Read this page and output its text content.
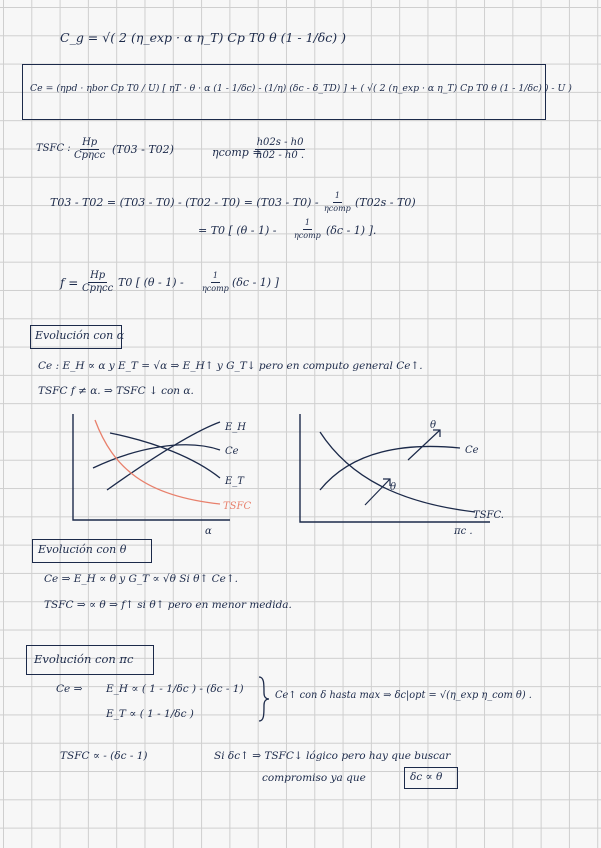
C_g = √( 2 (η_exp · α η_T) Cp T0 θ (1 - 1/δc) )
Ce = (ηpd · ηbor Cp T0 / U) [ ηT · θ · α (1 - 1/δc) - (1/η) (δc - δ_TD) ] + ( √( 2 (η_exp · α η_T) Cp T0 θ (1 - 1/δc) ) - U )
TSFC :
Hp
Cpηcc (T03 - T02)	ηcomp =
$\frac{h02s - h0}{h02 - h0 .}$
T03 - T02 = (T03 - T0) - (T02 - T0) = (T03 - T0) -
1
ηcomp (T02s - T0)
= T0 [ (θ - 1) -
1
ηcomp (δc - 1) ].
f =
Hp
Cpηcc T0 [ (θ - 1) -
1
ηcomp (δc - 1) ]
Evolución con α
Ce : E_H ∝ α y E_T = √α ⇒ E_H↑ y G_T↓ pero en computo general Ce↑.
TSFC f ≠ α. ⇒ TSFC ↓ con α.
E_H
Ce
E_T
TSFC
α
θ
θ
Ce
TSFC.
πc .
Evolución con θ
Ce ⇒ E_H ∝ θ y G_T ∝ √θ Si θ↑ Ce↑.
TSFC ⇒ ∝ θ ⇒ f↑ si θ↑ pero en menor medida.
Evolución con πc
Ce ⇒ E_H ∝ ( 1 - 1/δc ) - (δc - 1)
E_T ∝ ( 1 - 1/δc )
Ce↑ con δ hasta max ⇒ δc|opt = √(η_exp η_com θ) .
TSFC ∝ - (δc - 1)	Si δc↑ ⇒ TSFC↓ lógico pero hay que buscar
compromiso ya que	δc ∝ θ
